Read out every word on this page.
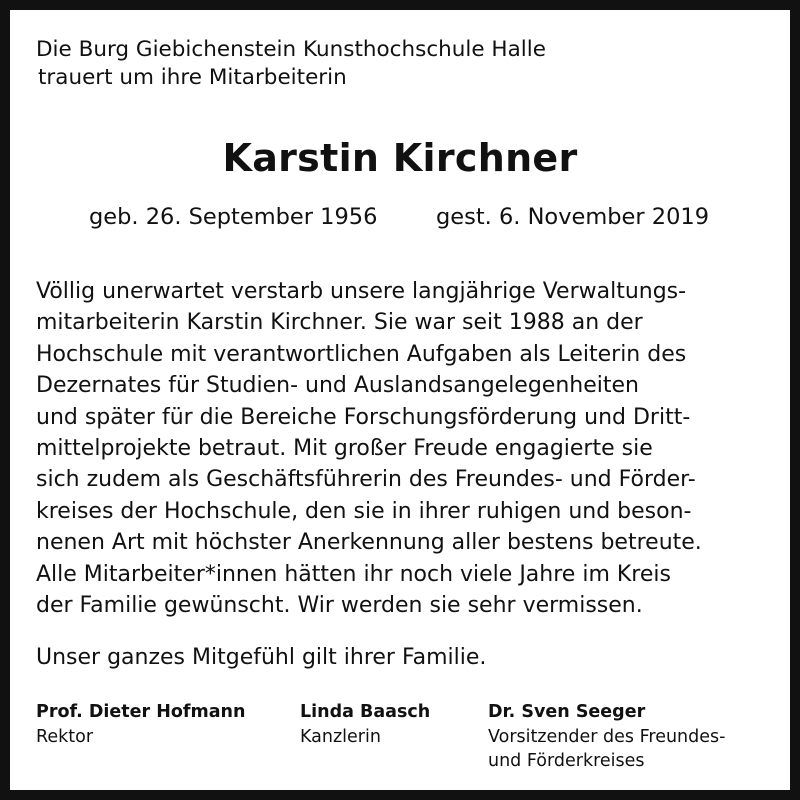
Die Burg Giebichenstein Kunsthochschule Halle
trauert um ihre Mitarbeiterin
Karstin Kirchner
geb. 26. September 1956	gest. 6. November 2019
Völlig unerwartet verstarb unsere langjährige Verwaltungs-
mitarbeiterin Karstin Kirchner. Sie war seit 1988 an der
Hochschule mit verantwortlichen Aufgaben als Leiterin des
Dezernates für Studien- und Auslandsangelegenheiten
und später für die Bereiche Forschungsförderung und Dritt-
mittelprojekte betraut. Mit großer Freude engagierte sie
sich zudem als Geschäftsführerin des Freundes- und Förder-
kreises der Hochschule, den sie in ihrer ruhigen und beson-
nenen Art mit höchster Anerkennung aller bestens betreute.
Alle Mitarbeiter*innen hätten ihr noch viele Jahre im Kreis
der Familie gewünscht. Wir werden sie sehr vermissen.
Unser ganzes Mitgefühl gilt ihrer Familie.
Prof. Dieter Hofmann
Rektor
Linda Baasch
Kanzlerin
Dr. Sven Seeger
Vorsitzender des Freundes-
und Förderkreises
